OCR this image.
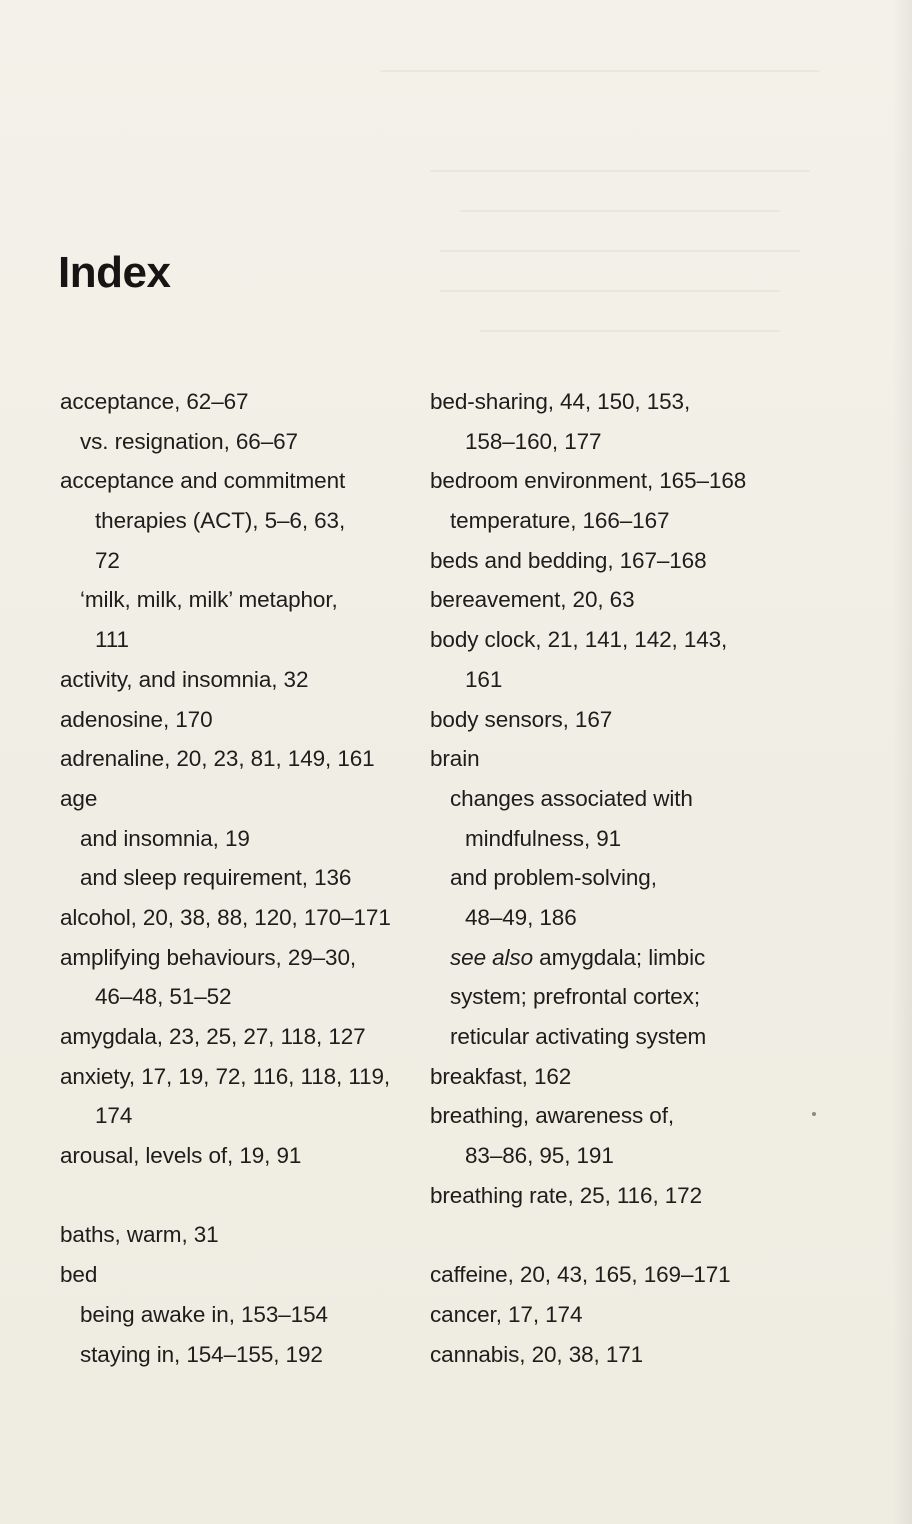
Index
acceptance, 62–67
vs. resignation, 66–67
acceptance and commitment
therapies (ACT), 5–6, 63,
72
‘milk, milk, milk’ metaphor,
111
activity, and insomnia, 32
adenosine, 170
adrenaline, 20, 23, 81, 149, 161
age
and insomnia, 19
and sleep requirement, 136
alcohol, 20, 38, 88, 120, 170–171
amplifying behaviours, 29–30,
46–48, 51–52
amygdala, 23, 25, 27, 118, 127
anxiety, 17, 19, 72, 116, 118, 119,
174
arousal, levels of, 19, 91
baths, warm, 31
bed
being awake in, 153–154
staying in, 154–155, 192
bed-sharing, 44, 150, 153,
158–160, 177
bedroom environment, 165–168
temperature, 166–167
beds and bedding, 167–168
bereavement, 20, 63
body clock, 21, 141, 142, 143,
161
body sensors, 167
brain
changes associated with
mindfulness, 91
and problem-solving,
48–49, 186
see also amygdala; limbic
system; prefrontal cortex;
reticular activating system
breakfast, 162
breathing, awareness of,
83–86, 95, 191
breathing rate, 25, 116, 172
caffeine, 20, 43, 165, 169–171
cancer, 17, 174
cannabis, 20, 38, 171
